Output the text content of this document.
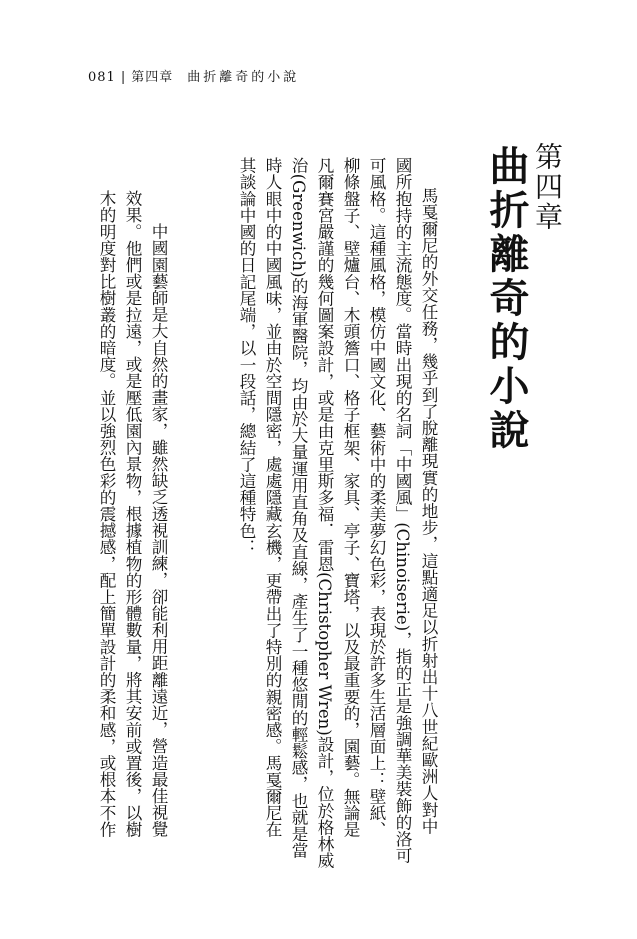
081 | 第四章 曲折離奇的小說
第四章
曲折離奇的小說
馬戛爾尼的外交任務，幾乎到了脫離現實的地步，這點適足以折射出十八世紀歐洲人對中
國所抱持的主流態度。當時出現的名詞「中國風」(Chinoiserie)，指的正是強調華美裝飾的洛可
可風格。這種風格，模仿中國文化、藝術中的柔美夢幻色彩，表現於許多生活層面上：壁紙、
柳條盤子、壁爐台、木頭簷口、格子框架、家具、亭子、寶塔，以及最重要的，園藝。無論是
凡爾賽宮嚴謹的幾何圖案設計，或是由克里斯多福．雷恩(Christopher Wren)設計，位於格林威
治(Greenwich)的海軍醫院，均由於大量運用直角及直線，產生了一種悠閒的輕鬆感，也就是當
時人眼中的中國風味，並由於空間隱密，處處隱藏玄機，更帶出了特別的親密感。馬戛爾尼在
其談論中國的日記尾端，以一段話，總結了這種特色：
中國園藝師是大自然的畫家，雖然缺乏透視訓練，卻能利用距離遠近，營造最佳視覺
效果。他們或是拉遠，或是壓低園內景物，根據植物的形體數量，將其安前或置後，以樹
木的明度對比樹叢的暗度。並以強烈色彩的震撼感，配上簡單設計的柔和感，或根本不作
